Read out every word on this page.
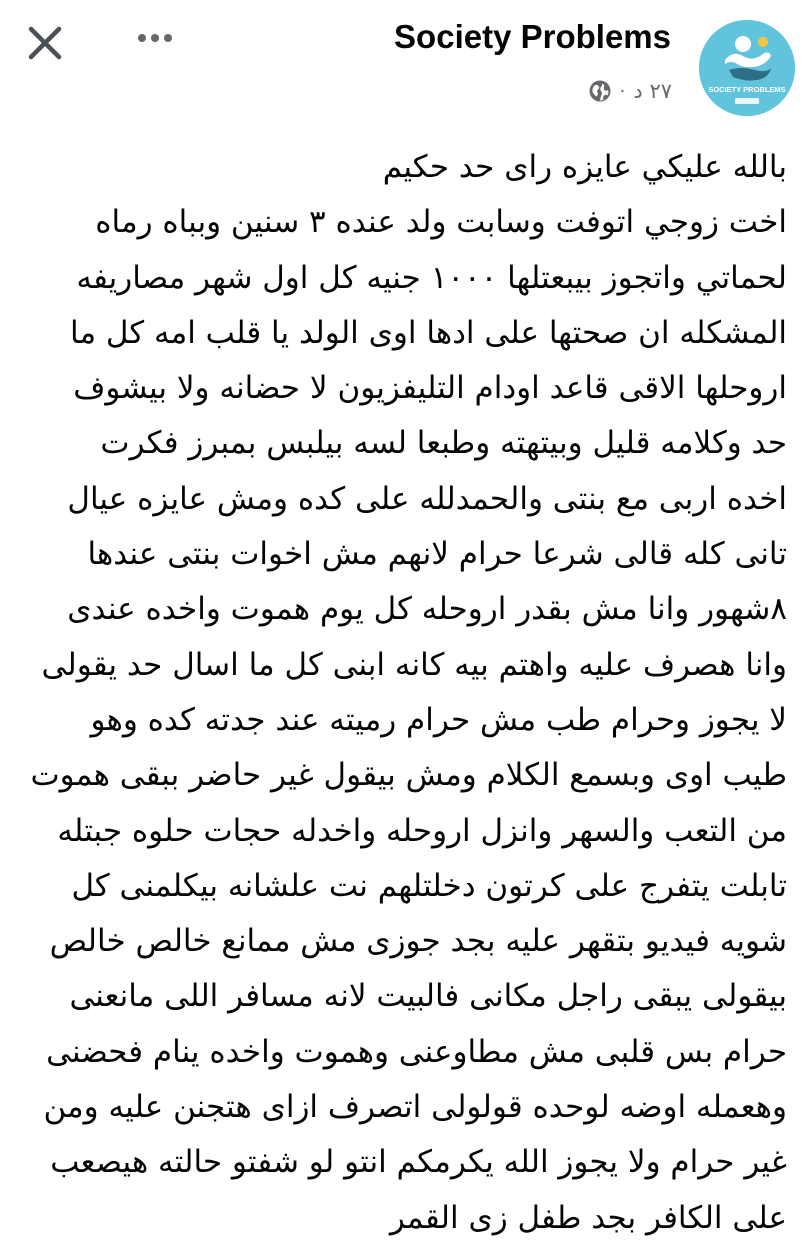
Society Problems
· ٢٧ د	SOCIETY PROBLEMS
بالله عليكي عايزه راى حد حكيم
اخت زوجي اتوفت وسابت ولد عنده ٣ سنين وبباه رماه
لحماتي واتجوز بيبعتلها ١٠٠٠ جنيه كل اول شهر مصاريفه
المشكله ان صحتها على ادها اوى الولد يا قلب امه كل ما
اروحلها الاقى قاعد اودام التليفزيون لا حضانه ولا بيشوف
حد وكلامه قليل وبيتهته وطبعا لسه بيلبس بمبرز فكرت
اخده اربى مع بنتى والحمدلله على كده ومش عايزه عيال
تانى كله قالى شرعا حرام لانهم مش اخوات بنتى عندها
٨شهور وانا مش بقدر اروحله كل يوم هموت واخده عندى
وانا هصرف عليه واهتم بيه كانه ابنى كل ما اسال حد يقولى
لا يجوز وحرام طب مش حرام رميته عند جدته كده وهو
طيب اوى وبسمع الكلام ومش بيقول غير حاضر ببقى هموت
من التعب والسهر وانزل اروحله واخدله حجات حلوه جبتله
تابلت يتفرج على كرتون دخلتلهم نت علشانه بيكلمنى كل
شويه فيديو بتقهر عليه بجد جوزى مش ممانع خالص خالص
بيقولى يبقى راجل مكانى فالبيت لانه مسافر اللى مانعنى
حرام بس قلبى مش مطاوعنى وهموت واخده ينام فحضنى
وهعمله اوضه لوحده قولولى اتصرف ازاى هتجنن عليه ومن
غير حرام ولا يجوز الله يكرمكم انتو لو شفتو حالته هيصعب
على الكافر بجد طفل زى القمر
